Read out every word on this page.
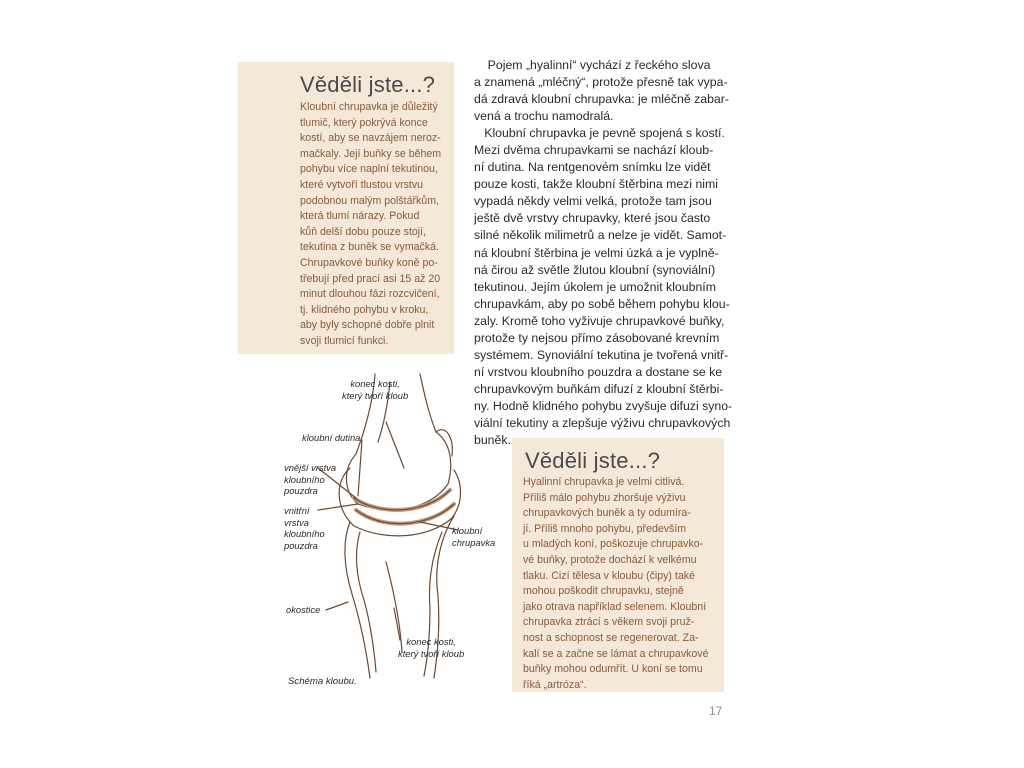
Věděli jste...?
Kloubní chrupavka je důležitý
tlumič, který pokrývá konce
kostí, aby se navzájem neroz-
mačkaly. Její buňky se během
pohybu více naplní tekutinou,
které vytvoří tlustou vrstvu
podobnou malým polštářkům,
která tlumí nárazy. Pokud
kůň delší dobu pouze stojí,
tekutina z buněk se vymačká.
Chrupavkové buňky koně po-
třebují před prací asi 15 až 20
minut dlouhou fázi rozcvičení,
tj. klidného pohybu v kroku,
aby byly schopné dobře plnit
svoji tlumicí funkci.
Pojem „hyalinní“ vychází z řeckého slova
a znamená „mléčný“, protože přesně tak vypa-
dá zdravá kloubní chrupavka: je mléčně zabar-
vená a trochu namodralá.
Kloubní chrupavka je pevně spojená s kostí.
Mezi dvěma chrupavkami se nachází kloub-
ní dutina. Na rentgenovém snímku lze vidět
pouze kosti, takže kloubní štěrbina mezi nimi
vypadá někdy velmi velká, protože tam jsou
ještě dvě vrstvy chrupavky, které jsou často
silné několik milimetrů a nelze je vidět. Samot-
ná kloubní štěrbina je velmi úzká a je vyplně-
ná čirou až světle žlutou kloubní (synoviální)
tekutinou. Jejím úkolem je umožnit kloubním
chrupavkám, aby po sobě během pohybu klou-
zaly. Kromě toho vyživuje chrupavkové buňky,
protože ty nejsou přímo zásobované krevním
systémem. Synoviální tekutina je tvořená vnitř-
ní vrstvou kloubního pouzdra a dostane se ke
chrupavkovým buňkám difuzí z kloubní štěrbi-
ny. Hodně klidného pohybu zvyšuje difuzi syno-
viální tekutiny a zlepšuje výživu chrupavkových
buněk.
konec kosti,
který tvoří kloub
kloubní dutina
vnější vrstva
kloubního
pouzdra
vnitřní
vrstva
kloubního
pouzdra
kloubní
chrupavka
okostice
konec kosti,
který tvoří kloub
Schéma kloubu.
Věděli jste...?
Hyalinní chrupavka je velmi citlivá.
Příliš málo pohybu zhoršuje výživu
chrupavkových buněk a ty odumíra-
jí. Příliš mnoho pohybu, především
u mladých koní, poškozuje chrupavko-
vé buňky, protože dochází k velkému
tlaku. Cizí tělesa v kloubu (čipy) také
mohou poškodit chrupavku, stejně
jako otrava například selenem. Kloubní
chrupavka ztrácí s věkem svoji pruž-
nost a schopnost se regenerovat. Za-
kalí se a začne se lámat a chrupavkové
buňky mohou odumřít. U koní se tomu
říká „artróza“.
17
